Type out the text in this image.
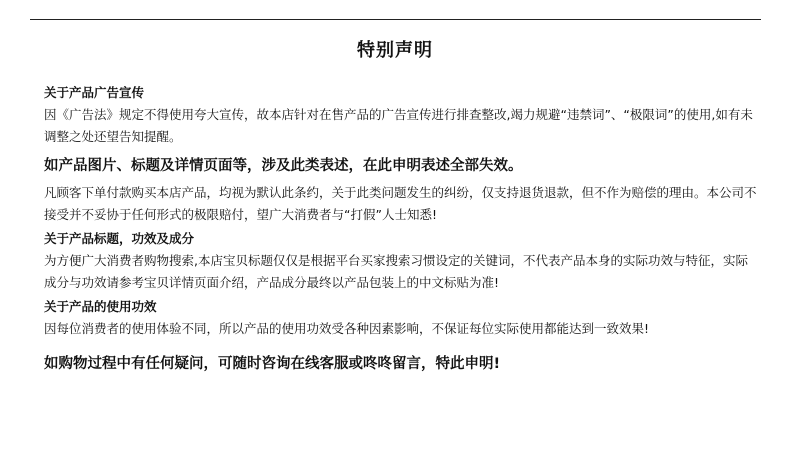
特别声明
关于产品广告宣传
因《广告法》规定不得使用夸大宣传，故本店针对在售产品的广告宣传进行排查整改,竭力规避“违禁词”、“极限词”的使用,如有未调整之处还望告知提醒。
如产品图片、标题及详情页面等，涉及此类表述，在此申明表述全部失效。
凡顾客下单付款购买本店产品，均视为默认此条约，关于此类问题发生的纠纷，仅支持退货退款，但不作为赔偿的理由。本公司不接受并不妥协于任何形式的极限赔付，望广大消费者与“打假”人士知悉!
关于产品标题，功效及成分
为方便广大消费者购物搜索,本店宝贝标题仅仅是根据平台买家搜索习惯设定的关键词，不代表产品本身的实际功效与特征，实际成分与功效请参考宝贝详情页面介绍，产品成分最终以产品包装上的中文标贴为准!
关于产品的使用功效
因每位消费者的使用体验不同，所以产品的使用功效受各种因素影响，不保证每位实际使用都能达到一致效果!
如购物过程中有任何疑问，可随时咨询在线客服或咚咚留言，特此申明!
